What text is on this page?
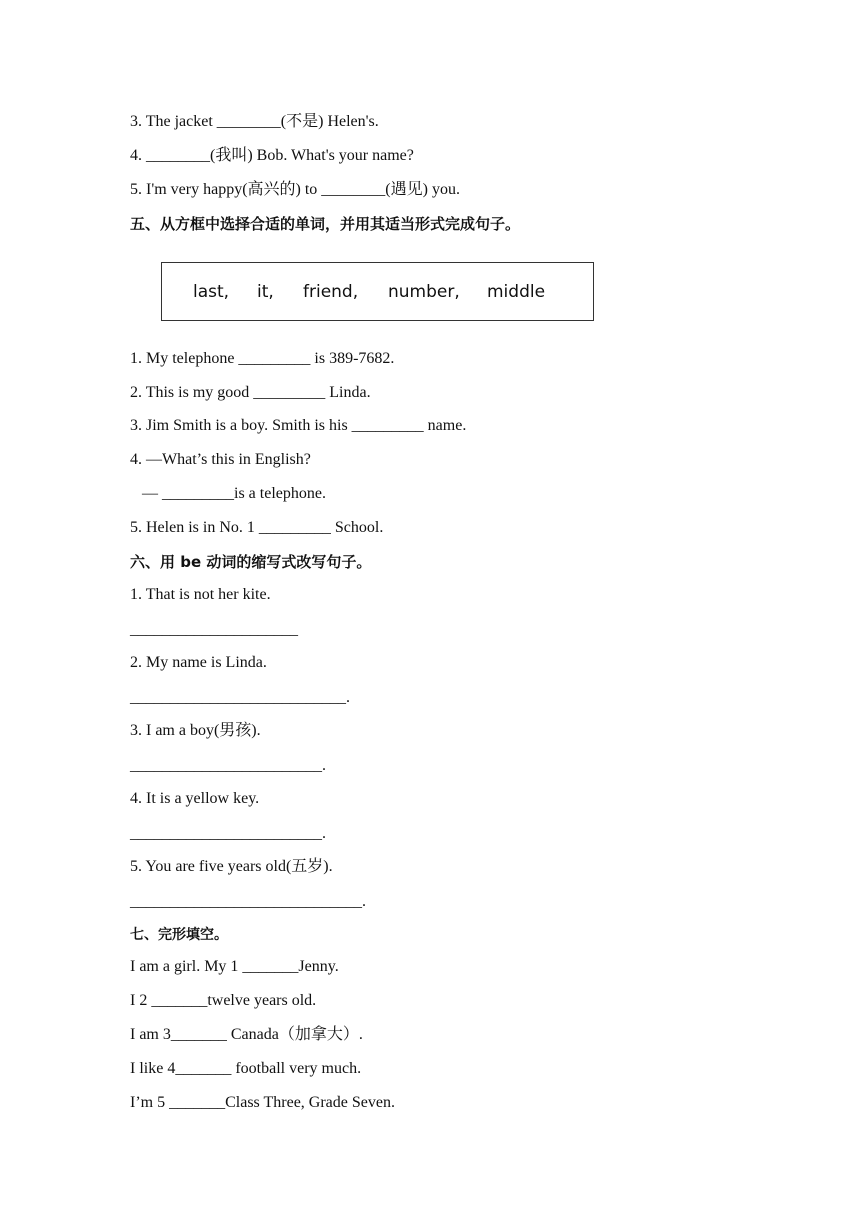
3. The jacket ________(不是) Helen's.

4. ________(我叫) Bob. What's your name?

5. I'm very happy(高兴的) to ________(遇见) you.

五、从方框中选择合适的单词，并用其适当形式完成句子。

last, it, friend, number, middle

1. My telephone _________ is 389-7682.

2. This is my good _________ Linda.

3. Jim Smith is a boy. Smith is his _________ name.

4. —What’s this in English?

— _________is a telephone.

5. Helen is in No. 1 _________ School.

六、用 be 动词的缩写式改写句子。

1. That is not her kite.

_____________________

2. My name is Linda.

___________________________.

3. I am a boy(男孩).

________________________.

4. It is a yellow key.

________________________.

5. You are five years old(五岁).

_____________________________.

七、完形填空。

I am a girl. My 1 _______Jenny.

I 2 _______twelve years old.

I am 3_______ Canada（加拿大）.

I like 4_______ football very much.

I’m 5 _______Class Three, Grade Seven.
